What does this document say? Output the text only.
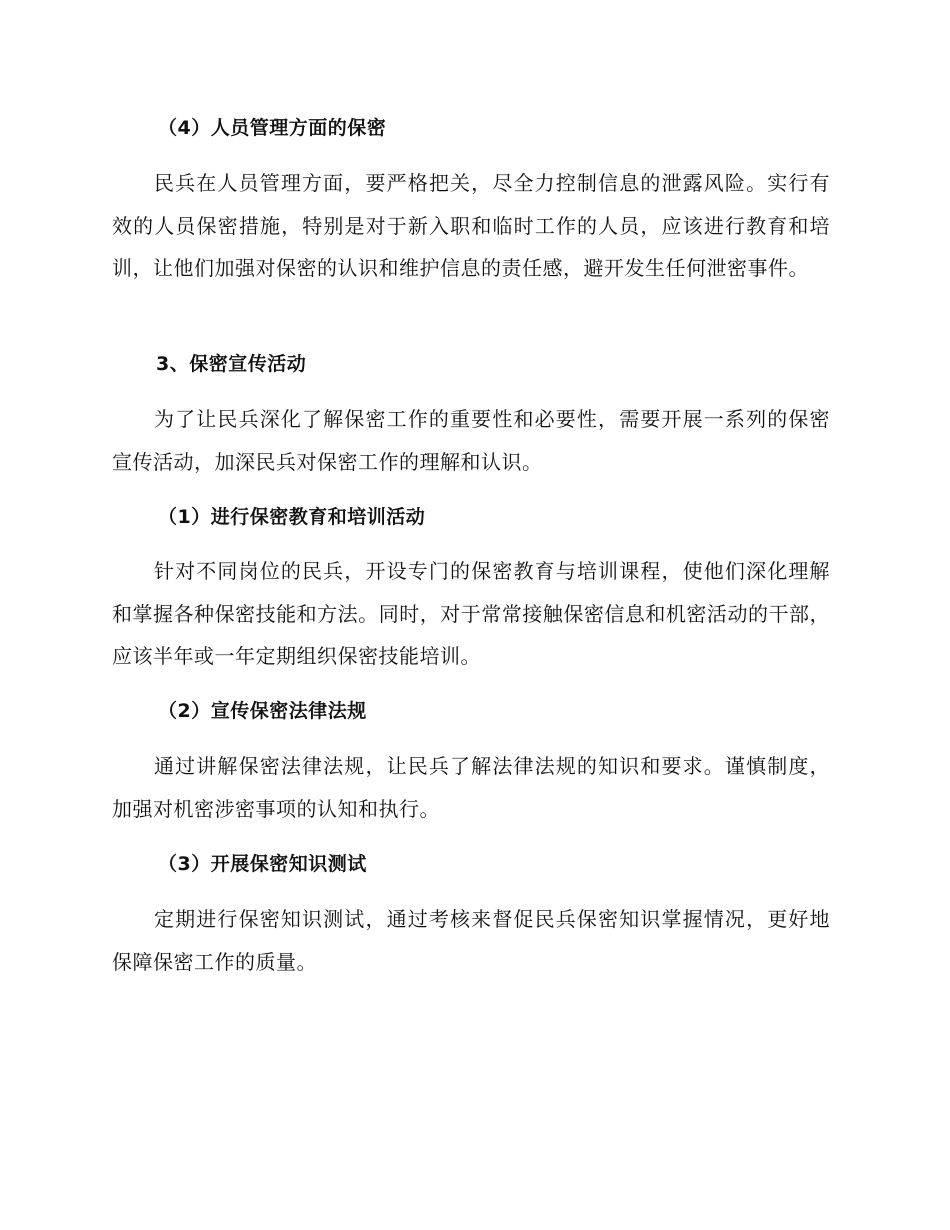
（4）人员管理方面的保密

民兵在人员管理方面，要严格把关，尽全力控制信息的泄露风险。实行有效的人员保密措施，特别是对于新入职和临时工作的人员，应该进行教育和培训，让他们加强对保密的认识和维护信息的责任感，避开发生任何泄密事件。

3、保密宣传活动

为了让民兵深化了解保密工作的重要性和必要性，需要开展一系列的保密宣传活动，加深民兵对保密工作的理解和认识。

（1）进行保密教育和培训活动

针对不同岗位的民兵，开设专门的保密教育与培训课程，使他们深化理解和掌握各种保密技能和方法。同时，对于常常接触保密信息和机密活动的干部，应该半年或一年定期组织保密技能培训。

（2）宣传保密法律法规

通过讲解保密法律法规，让民兵了解法律法规的知识和要求。谨慎制度，加强对机密涉密事项的认知和执行。

（3）开展保密知识测试

定期进行保密知识测试，通过考核来督促民兵保密知识掌握情况，更好地保障保密工作的质量。
